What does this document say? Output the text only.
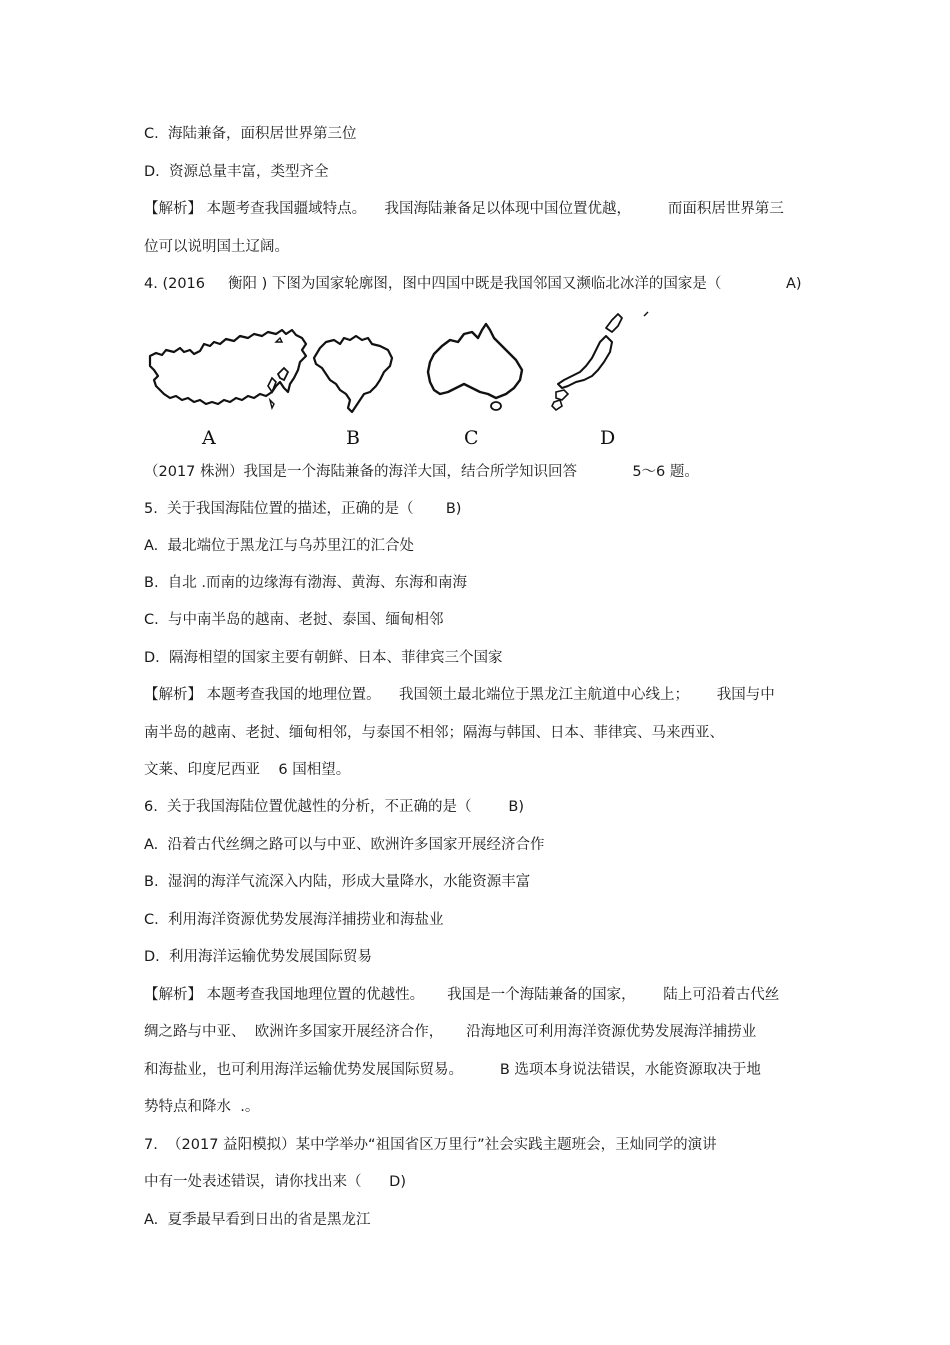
C.  海陆兼备，面积居世界第三位
D.  资源总量丰富，类型齐全
【解析】 本题考查我国疆域特点。    我国海陆兼备足以体现中国位置优越，        而面积居世界第三
位可以说明国土辽阔。
4. (2016     衡阳 ) 下图为国家轮廓图，图中四国中既是我国邻国又濒临北冰洋的国家是（              A)
A	B	C	D
（2017 株洲）我国是一个海陆兼备的海洋大国，结合所学知识回答            5～6 题。
5.  关于我国海陆位置的描述，正确的是（       B)
A.  最北端位于黑龙江与乌苏里江的汇合处
B.  自北 .而南的边缘海有渤海、黄海、东海和南海
C.  与中南半岛的越南、老挝、泰国、缅甸相邻
D.  隔海相望的国家主要有朝鲜、日本、菲律宾三个国家
【解析】 本题考查我国的地理位置。    我国领土最北端位于黑龙江主航道中心线上；      我国与中
南半岛的越南、老挝、缅甸相邻，与泰国不相邻；隔海与韩国、日本、菲律宾、马来西亚、
文莱、印度尼西亚    6 国相望。
6.  关于我国海陆位置优越性的分析，不正确的是（        B)
A.  沿着古代丝绸之路可以与中亚、欧洲许多国家开展经济合作
B.  湿润的海洋气流深入内陆，形成大量降水，水能资源丰富
C.  利用海洋资源优势发展海洋捕捞业和海盐业
D.  利用海洋运输优势发展国际贸易
【解析】 本题考查我国地理位置的优越性。     我国是一个海陆兼备的国家，      陆上可沿着古代丝
绸之路与中亚、  欧洲许多国家开展经济合作，     沿海地区可利用海洋资源优势发展海洋捕捞业
和海盐业，也可利用海洋运输优势发展国际贸易。        B 选项本身说法错误，水能资源取决于地
势特点和降水  .。
7.  （2017 益阳模拟）某中学举办“祖国省区万里行”社会实践主题班会，王灿同学的演讲
中有一处表述错误，请你找出来（      D)
A.  夏季最早看到日出的省是黑龙江
